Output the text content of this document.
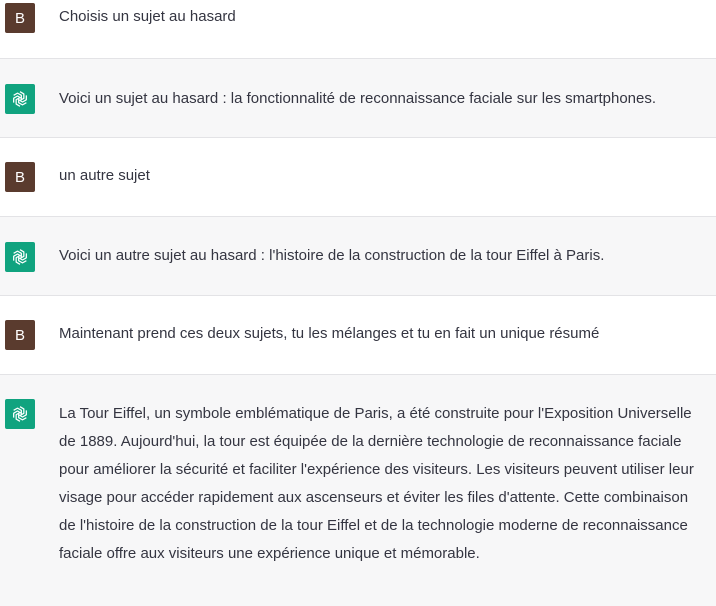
B	Choisis un sujet au hasard
Voici un sujet au hasard : la fonctionnalité de reconnaissance faciale sur les smartphones.
B	un autre sujet
Voici un autre sujet au hasard : l'histoire de la construction de la tour Eiffel à Paris.
B	Maintenant prend ces deux sujets, tu les mélanges et tu en fait un unique résumé
La Tour Eiffel, un symbole emblématique de Paris, a été construite pour l'Exposition Universelle de 1889. Aujourd'hui, la tour est équipée de la dernière technologie de reconnaissance faciale pour améliorer la sécurité et faciliter l'expérience des visiteurs. Les visiteurs peuvent utiliser leur visage pour accéder rapidement aux ascenseurs et éviter les files d'attente. Cette combinaison de l'histoire de la construction de la tour Eiffel et de la technologie moderne de reconnaissance faciale offre aux visiteurs une expérience unique et mémorable.
